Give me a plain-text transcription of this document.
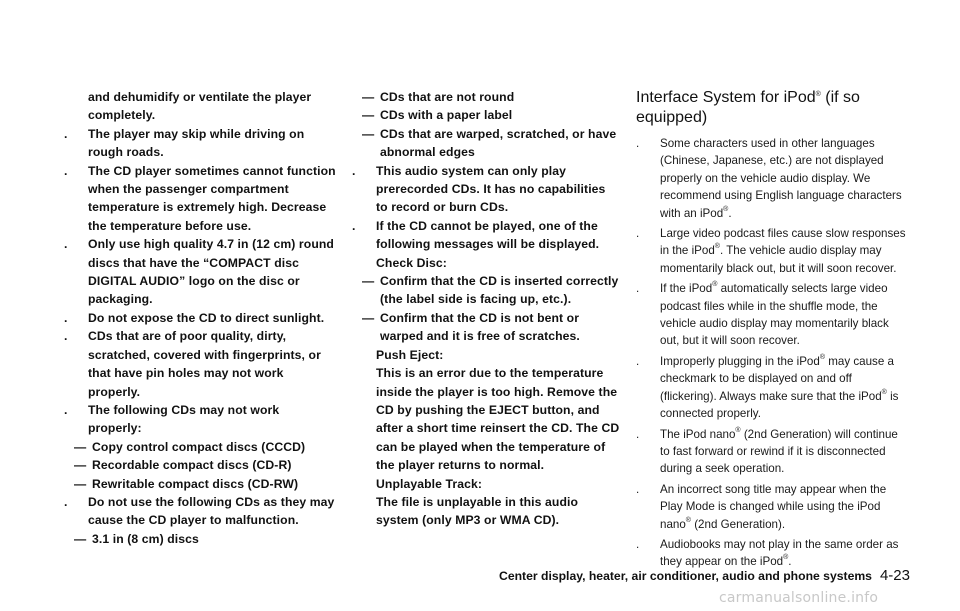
and dehumidify or ventilate the player completely.

. The player may skip while driving on rough roads.
. The CD player sometimes cannot function when the passenger compartment temperature is extremely high. Decrease the temperature before use.
. Only use high quality 4.7 in (12 cm) round discs that have the “COMPACT disc DIGITAL AUDIO” logo on the disc or packaging.
. Do not expose the CD to direct sunlight.
. CDs that are of poor quality, dirty, scratched, covered with fingerprints, or that have pin holes may not work properly.
. The following CDs may not work properly:
— Copy control compact discs (CCCD)
— Recordable compact discs (CD-R)
— Rewritable compact discs (CD-RW)
. Do not use the following CDs as they may cause the CD player to malfunction.
— 3.1 in (8 cm) discs
— CDs that are not round
— CDs with a paper label
— CDs that are warped, scratched, or have abnormal edges
. This audio system can only play prerecorded CDs. It has no capabilities to record or burn CDs.
. If the CD cannot be played, one of the following messages will be displayed.

Check Disc:

— Confirm that the CD is inserted correctly (the label side is facing up, etc.).
— Confirm that the CD is not bent or warped and it is free of scratches.

Push Eject:

This is an error due to the temperature inside the player is too high. Remove the CD by pushing the EJECT button, and after a short time reinsert the CD. The CD can be played when the temperature of the player returns to normal.

Unplayable Track:

The file is unplayable in this audio system (only MP3 or WMA CD).

Interface System for iPod® (if so equipped)
. Some characters used in other languages (Chinese, Japanese, etc.) are not displayed properly on the vehicle audio display. We recommend using English language characters with an iPod®.
. Large video podcast files cause slow responses in the iPod®. The vehicle audio display may momentarily black out, but it will soon recover.
. If the iPod® automatically selects large video podcast files while in the shuffle mode, the vehicle audio display may momentarily black out, but it will soon recover.
. Improperly plugging in the iPod® may cause a checkmark to be displayed on and off (flickering). Always make sure that the iPod® is connected properly.
. The iPod nano® (2nd Generation) will continue to fast forward or rewind if it is disconnected during a seek operation.
. An incorrect song title may appear when the Play Mode is changed while using the iPod nano® (2nd Generation).
. Audiobooks may not play in the same order as they appear on the iPod®.
Center display, heater, air conditioner, audio and phone systems 4-23
carmanualsonline.info
